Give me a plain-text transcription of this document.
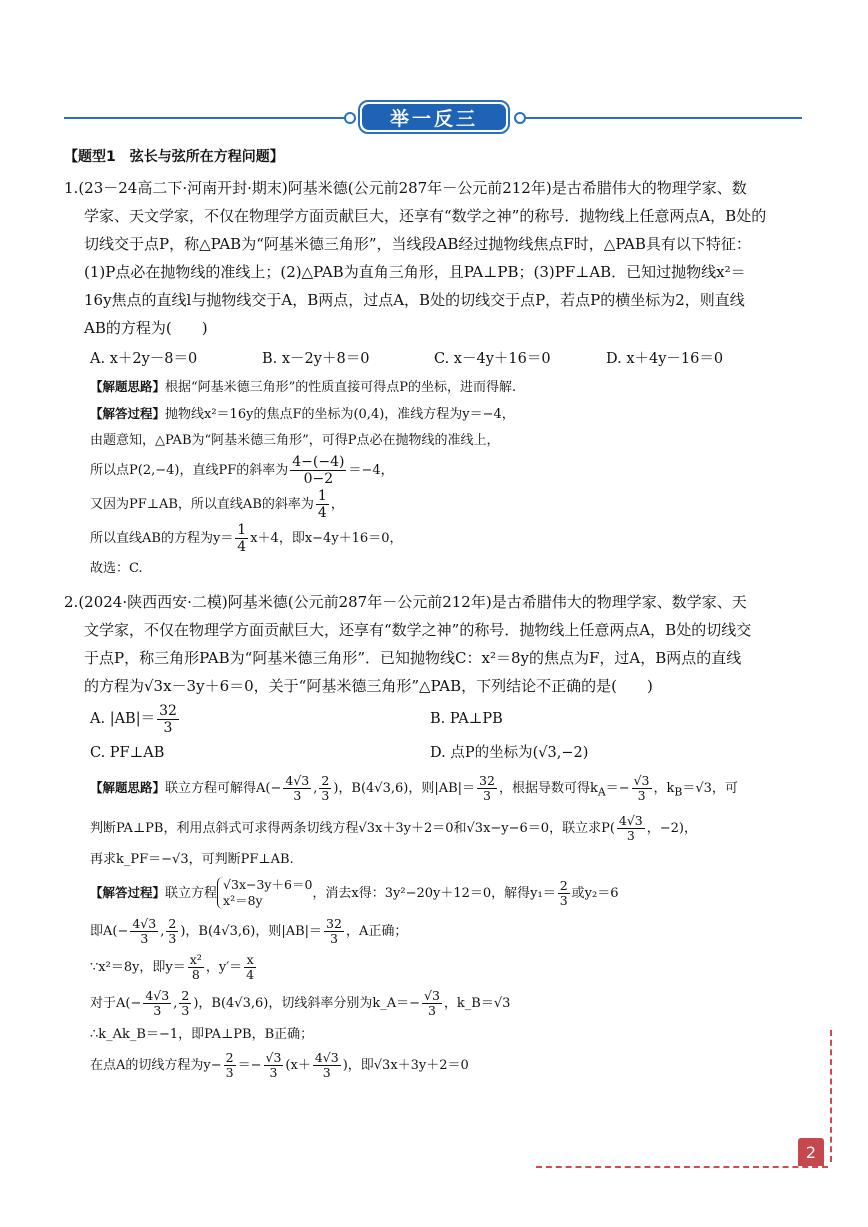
举一反三
【题型1　弦长与弦所在方程问题】

1.(23－24高二下·河南开封·期末)阿基米德(公元前287年－公元前212年)是古希腊伟大的物理学家、数
学家、天文学家，不仅在物理学方面贡献巨大，还享有“数学之神”的称号．抛物线上任意两点A，B处的
切线交于点P，称△PAB为“阿基米德三角形”，当线段AB经过抛物线焦点F时，△PAB具有以下特征：
(1)P点必在抛物线的准线上；(2)△PAB为直角三角形，且PA⊥PB；(3)PF⊥AB．已知过抛物线x²＝
16y焦点的直线l与抛物线交于A，B两点，过点A，B处的切线交于点P，若点P的横坐标为2，则直线
AB的方程为(　　)

A. x＋2y－8＝0	B. x－2y＋8＝0	C. x－4y＋16＝0	D. x＋4y－16＝0
【解题思路】根据“阿基米德三角形”的性质直接可得点P的坐标，进而得解.
【解答过程】抛物线x²＝16y的焦点F的坐标为(0,4)，准线方程为y＝−4，
由题意知，△PAB为“阿基米德三角形”，可得P点必在抛物线的准线上，
所以点P(2,−4)，直线PF的斜率为 $\frac{4-(-4)}{0-2} =-4$，
又因为PF⊥AB，所以直线AB的斜率为 $\frac{1}{4}$ ，
所以直线AB的方程为$y= \frac{1}{4} x+4$，即x−4y＋16＝0，
故选：C.

2.(2024·陕西西安·二模)阿基米德(公元前287年－公元前212年)是古希腊伟大的物理学家、数学家、天
文学家，不仅在物理学方面贡献巨大，还享有“数学之神”的称号．抛物线上任意两点A，B处的切线交
于点P，称三角形PAB为“阿基米德三角形”．已知抛物线C：x²＝8y的焦点为F，过A，B两点的直线
的方程为√3x－3y＋6＝0，关于“阿基米德三角形”△PAB，下列结论不正确的是(　　)

A. $|AB|= \frac{32}{3}$	B. PA⊥PB
C. PF⊥AB	D. 点P的坐标为(√3,−2)
【解题思路】联立方程可解得$A(- \frac{4√3}{3}$ , $\frac{2}{3}$ )，B(4√3,6)，则$|AB|= \frac{32}{3}$ ，根据导数可得$k_A=- \frac{√3}{3}$ ，$k_B=√3$，可
判断PA⊥PB，利用点斜式可求得两条切线方程√3x＋3y＋2＝0和√3x−y−6＝0，联立求$P( \frac{4√3}{3}$ ，−2)，
再求k_PF＝−√3，可判断PF⊥AB.
【解答过程】联立方程
√3x−3y＋6＝0
x²＝8y	，消去x得：3y²−20y＋12＝0，解得$y_1= \frac{2}{3}$ 或y₂＝6
即$A(- \frac{4√3}{3}$ , $\frac{2}{3}$ )，B(4√3,6)，则$|AB|= \frac{32}{3}$ ，A正确；
∵x²＝8y，即$y= \frac{\text{x²}}{8}$ ，$y'= \frac{x}{4}$
对于$A(- \frac{4√3}{3}$ , $\frac{2}{3}$ )，B(4√3,6)，切线斜率分别为k_A＝− $\frac{√3}{3}$ ，k_B＝√3
∴k_Ak_B＝−1，即PA⊥PB，B正确；
在点A的切线方程为$y- \frac{2}{3} =- \frac{√3}{3} (x+ \frac{4√3}{3}$ )，即√3x＋3y＋2＝0
2
